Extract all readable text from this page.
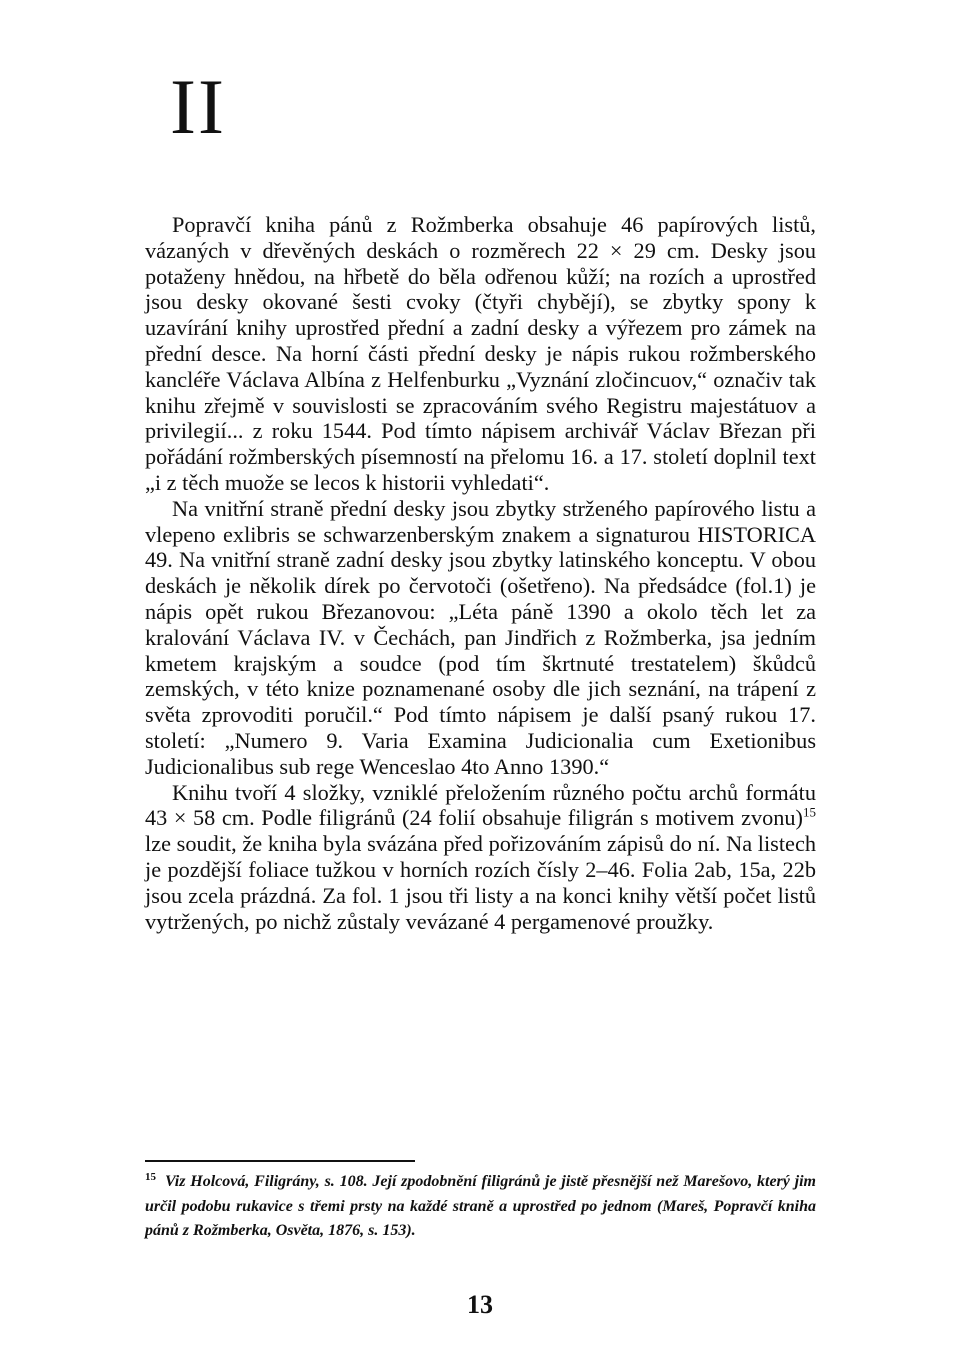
II

Popravčí kniha pánů z Rožmberka obsahuje 46 papírových listů, vázaných v dřevěných deskách o rozměrech 22 × 29 cm. Desky jsou potaženy hnědou, na hřbetě do běla odřenou kůží; na rozích a uprostřed jsou desky okované šesti cvoky (čtyři chybějí), se zbytky spony k uzavírání knihy uprostřed přední a zadní desky a výřezem pro zámek na přední desce. Na horní části přední desky je nápis rukou rožmberského kancléře Václava Albína z Helfenburku „Vyznání zločincuov,“ označiv tak knihu zřejmě v souvislosti se zpracováním svého Registru majestátuov a privilegií... z roku 1544. Pod tímto nápisem archivář Václav Březan při pořádání rožmberských písemností na přelomu 16. a 17. století doplnil text „i z těch muože se lecos k historii vyhledati“.

Na vnitřní straně přední desky jsou zbytky strženého papírového listu a vlepeno exlibris se schwarzenberským znakem a signaturou HISTORICA 49. Na vnitřní straně zadní desky jsou zbytky latinského konceptu. V obou deskách je několik dírek po červotoči (ošetřeno). Na předsádce (fol.1) je nápis opět rukou Březanovou: „Léta páně 1390 a okolo těch let za kralování Václava IV. v Čechách, pan Jindřich z Rožmberka, jsa jedním kmetem krajským a soudce (pod tím škrtnuté trestatelem) škůdců zemských, v této knize poznamenané osoby dle jich seznání, na trápení z světa zprovoditi poručil.“ Pod tímto nápisem je další psaný rukou 17. století: „Numero 9. Varia Examina Judicionalia cum Exetionibus Judicionalibus sub rege Wenceslao 4to Anno 1390.“

Knihu tvoří 4 složky, vzniklé přeložením různého počtu archů formátu 43 × 58 cm. Podle filigránů (24 folií obsahuje filigrán s motivem zvonu)$^{15}$ lze soudit, že kniha byla svázána před pořizováním zápisů do ní. Na listech je pozdější foliace tužkou v horních rozích čísly 2–46. Folia 2ab, 15a, 22b jsou zcela prázdná. Za fol. 1 jsou tři listy a na konci knihy větší počet listů vytržených, po nichž zůstaly vevázané 4 pergamenové proužky.

$^{15}$ Viz Holcová, Filigrány, s. 108. Její zpodobnění filigránů je jistě přesnější než Marešovo, který jim určil podobu rukavice s třemi prsty na každé straně a uprostřed po jednom (Mareš, Popravčí kniha pánů z Rožmberka, Osvěta, 1876, s. 153).
13
